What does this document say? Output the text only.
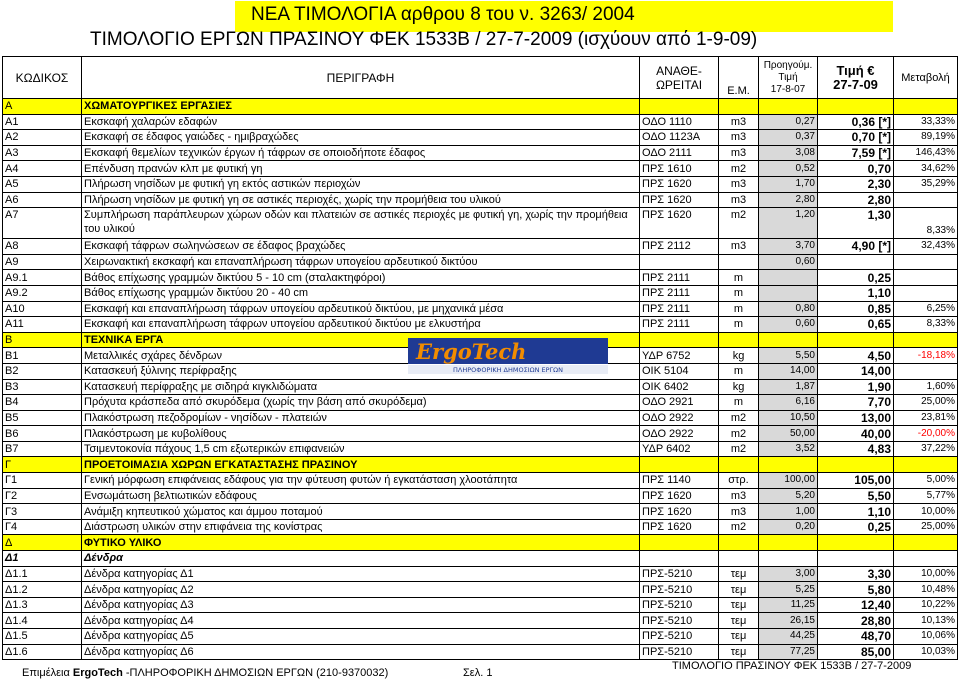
ΝΕΑ ΤΙΜΟΛΟΓΙΑ αρθρου 8 του ν. 3263/ 2004
ΤΙΜΟΛΟΓΙΟ ΕΡΓΩΝ ΠΡΑΣΙΝΟΥ ΦΕΚ 1533Β / 27-7-2009 (ισχύουν από 1-9-09)
ΚΩΔΙΚΟΣ	ΠΕΡΙΓΡΑΦΗ	ΑΝΑΘΕ-
ΩΡΕΙΤΑΙ	Ε.Μ.	Προηγούμ.
Τιμή
17-8-07	Τιμή €
27-7-09	Μεταβολή
Α	ΧΩΜΑΤΟΥΡΓΙΚΕΣ ΕΡΓΑΣΙΕΣ					
Α1	Εκσκαφή χαλαρών εδαφών	ΟΔΟ 1110	m3	0,27	0,36 [*]	33,33%
Α2	Εκσκαφή σε έδαφος γαιώδες - ημιβραχώδες	ΟΔΟ 1123Α	m3	0,37	0,70 [*]	89,19%
Α3	Εκσκαφή θεμελίων τεχνικών έργων ή τάφρων σε οποιοδήποτε έδαφος	ΟΔΟ 2111	m3	3,08	7,59 [*]	146,43%
Α4	Επένδυση πρανών κλπ με φυτική γη	ΠΡΣ 1610	m2	0,52	0,70	34,62%
Α5	Πλήρωση νησίδων με φυτική γη εκτός αστικών περιοχών	ΠΡΣ 1620	m3	1,70	2,30	35,29%
Α6	Πλήρωση νησίδων με φυτική γη σε αστικές περιοχές, χωρίς την προμήθεια του υλικού	ΠΡΣ 1620	m3	2,80	2,80	
Α7	Συμπλήρωση παράπλευρων χώρων οδών και πλατειών σε αστικές περιοχές με φυτική γη, χωρίς την προμήθεια του υλικού	ΠΡΣ 1620	m2	1,20	1,30	8,33%
Α8	Εκσκαφή τάφρων σωληνώσεων σε έδαφος βραχώδες	ΠΡΣ 2112	m3	3,70	4,90 [*]	32,43%
Α9	Χειρωνακτική εκσκαφή και επαναπλήρωση τάφρων υπογείου αρδευτικού δικτύου			0,60		
Α9.1	Βάθος επίχωσης γραμμών δικτύου 5 - 10 cm (σταλακτηφόροι)	ΠΡΣ 2111	m		0,25	
Α9.2	Βάθος επίχωσης γραμμών δικτύου 20 - 40 cm	ΠΡΣ 2111	m		1,10	
Α10	Εκσκαφή και επαναπλήρωση τάφρων υπογείου αρδευτικού δικτύου, με μηχανικά μέσα	ΠΡΣ 2111	m	0,80	0,85	6,25%
Α11	Εκσκαφή και επαναπλήρωση τάφρων υπογείου αρδευτικού δικτύου με ελκυστήρα	ΠΡΣ 2111	m	0,60	0,65	8,33%
Β	ΤΕΧΝΙΚΑ ΕΡΓΑ					
Β1	Μεταλλικές σχάρες δένδρων	ΥΔΡ 6752	kg	5,50	4,50	-18,18%
Β2	Κατασκευή ξύλινης περίφραξης	ΟΙΚ 5104	m	14,00	14,00	
Β3	Κατασκευή περίφραξης με σιδηρά κιγκλιδώματα	ΟΙΚ 6402	kg	1,87	1,90	1,60%
Β4	Πρόχυτα κράσπεδα από σκυρόδεμα (χωρίς την βάση από σκυρόδεμα)	ΟΔΟ 2921	m	6,16	7,70	25,00%
Β5	Πλακόστρωση πεζοδρομίων - νησίδων - πλατειών	ΟΔΟ 2922	m2	10,50	13,00	23,81%
Β6	Πλακόστρωση με κυβολίθους	ΟΔΟ 2922	m2	50,00	40,00	-20,00%
Β7	Τσιμεντοκονία πάχους 1,5 cm εξωτερικών επιφανειών	ΥΔΡ 6402	m2	3,52	4,83	37,22%
Γ	ΠΡΟΕΤΟΙΜΑΣΙΑ ΧΩΡΩΝ ΕΓΚΑΤΑΣΤΑΣΗΣ ΠΡΑΣΙΝΟΥ					
Γ1	Γενική μόρφωση επιφάνειας εδάφους για την φύτευση φυτών ή εγκατάσταση χλοοτάπητα	ΠΡΣ 1140	στρ.	100,00	105,00	5,00%
Γ2	Ενσωμάτωση βελτιωτικών εδάφους	ΠΡΣ 1620	m3	5,20	5,50	5,77%
Γ3	Ανάμιξη κηπευτικού χώματος και άμμου ποταμού	ΠΡΣ 1620	m3	1,00	1,10	10,00%
Γ4	Διάστρωση υλικών στην επιφάνεια της κονίστρας	ΠΡΣ 1620	m2	0,20	0,25	25,00%
Δ	ΦΥΤΙΚΟ ΥΛΙΚΟ					
Δ1	Δένδρα					
Δ1.1	Δένδρα κατηγορίας Δ1	ΠΡΣ-5210	τεμ	3,00	3,30	10,00%
Δ1.2	Δένδρα κατηγορίας Δ2	ΠΡΣ-5210	τεμ	5,25	5,80	10,48%
Δ1.3	Δένδρα κατηγορίας Δ3	ΠΡΣ-5210	τεμ	11,25	12,40	10,22%
Δ1.4	Δένδρα κατηγορίας Δ4	ΠΡΣ-5210	τεμ	26,15	28,80	10,13%
Δ1.5	Δένδρα κατηγορίας Δ5	ΠΡΣ-5210	τεμ	44,25	48,70	10,06%
Δ1.6	Δένδρα κατηγορίας Δ6	ΠΡΣ-5210	τεμ	77,25	85,00	10,03%
ErgoTech
ΠΛΗΡΟΦΟΡΙΚΗ ΔΗΜΟΣΙΩΝ ΕΡΓΩΝ
Επιμέλεια ErgoTech -ΠΛΗΡΟΦΟΡΙΚΗ ΔΗΜΟΣΙΩΝ ΕΡΓΩΝ (210-9370032)	Σελ. 1
ΤΙΜΟΛΟΓΙΟ ΠΡΑΣΙΝΟΥ ΦΕΚ 1533Β / 27-7-2009
